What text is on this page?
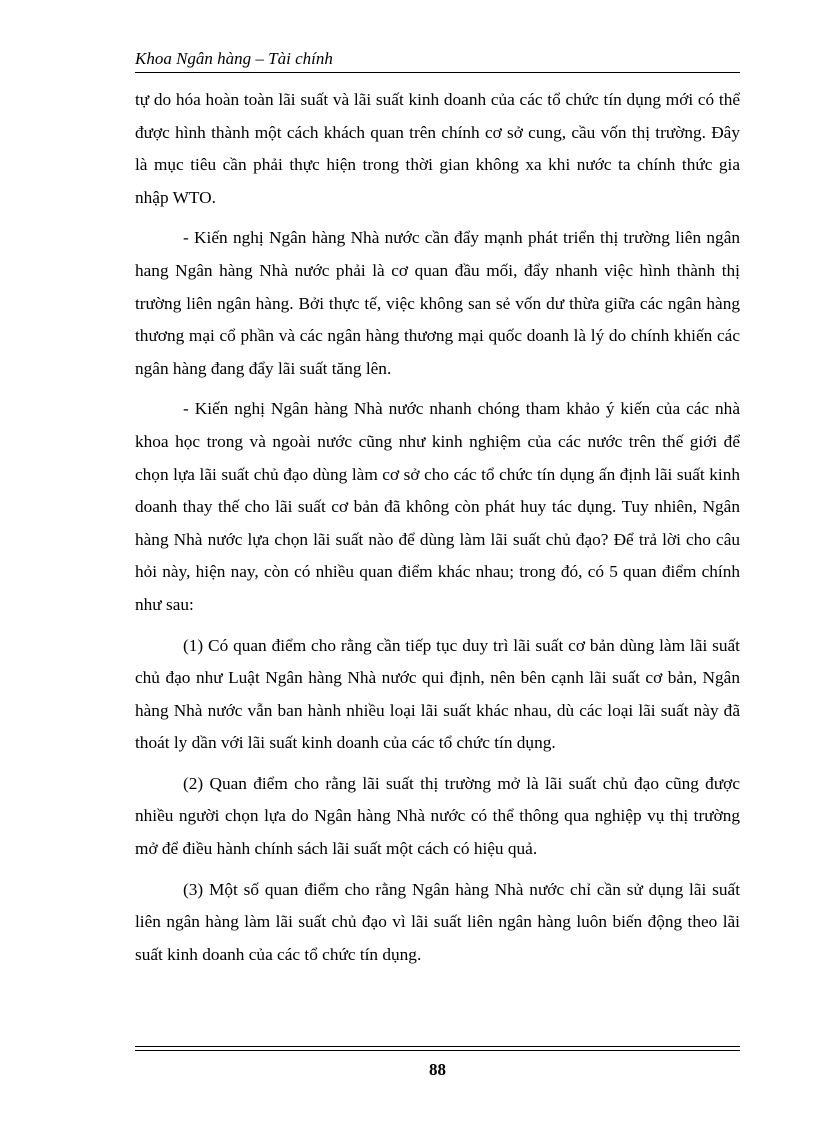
Khoa Ngân hàng – Tài chính

tự do hóa hoàn toàn lãi suất và lãi suất kinh doanh của các tổ chức tín dụng mới có thể được hình thành một cách khách quan trên chính cơ sở cung, cầu vốn thị trường. Đây là mục tiêu cần phải thực hiện trong thời gian không xa khi nước ta chính thức gia nhập WTO.

- Kiến nghị Ngân hàng Nhà nước cần đẩy mạnh phát triển thị trường liên ngân hang Ngân hàng Nhà nước phải là cơ quan đầu mối, đẩy nhanh việc hình thành thị trường liên ngân hàng. Bởi thực tế, việc không san sẻ vốn dư thừa giữa các ngân hàng thương mại cổ phần và các ngân hàng thương mại quốc doanh là lý do chính khiến các ngân hàng đang đẩy lãi suất tăng lên.

- Kiến nghị Ngân hàng Nhà nước nhanh chóng tham khảo ý kiến của các nhà khoa học trong và ngoài nước cũng như kinh nghiệm của các nước trên thế giới để chọn lựa lãi suất chủ đạo dùng làm cơ sở cho các tổ chức tín dụng ấn định lãi suất kinh doanh thay thế cho lãi suất cơ bản đã không còn phát huy tác dụng. Tuy nhiên, Ngân hàng Nhà nước lựa chọn lãi suất nào để dùng làm lãi suất chủ đạo? Để trả lời cho câu hỏi này, hiện nay, còn có nhiều quan điểm khác nhau; trong đó, có 5 quan điểm chính như sau:

(1) Có quan điểm cho rằng cần tiếp tục duy trì lãi suất cơ bản dùng làm lãi suất chủ đạo như Luật Ngân hàng Nhà nước qui định, nên bên cạnh lãi suất cơ bản, Ngân hàng Nhà nước vẫn ban hành nhiều loại lãi suất khác nhau, dù các loại lãi suất này đã thoát ly dần với lãi suất kinh doanh của các tổ chức tín dụng.

(2) Quan điểm cho rằng lãi suất thị trường mở là lãi suất chủ đạo cũng được nhiều người chọn lựa do Ngân hàng Nhà nước có thể thông qua nghiệp vụ thị trường mở để điều hành chính sách lãi suất một cách có hiệu quả.

(3) Một số quan điểm cho rằng Ngân hàng Nhà nước chỉ cần sử dụng lãi suất liên ngân hàng làm lãi suất chủ đạo vì lãi suất liên ngân hàng luôn biến động theo lãi suất kinh doanh của các tổ chức tín dụng.

88
